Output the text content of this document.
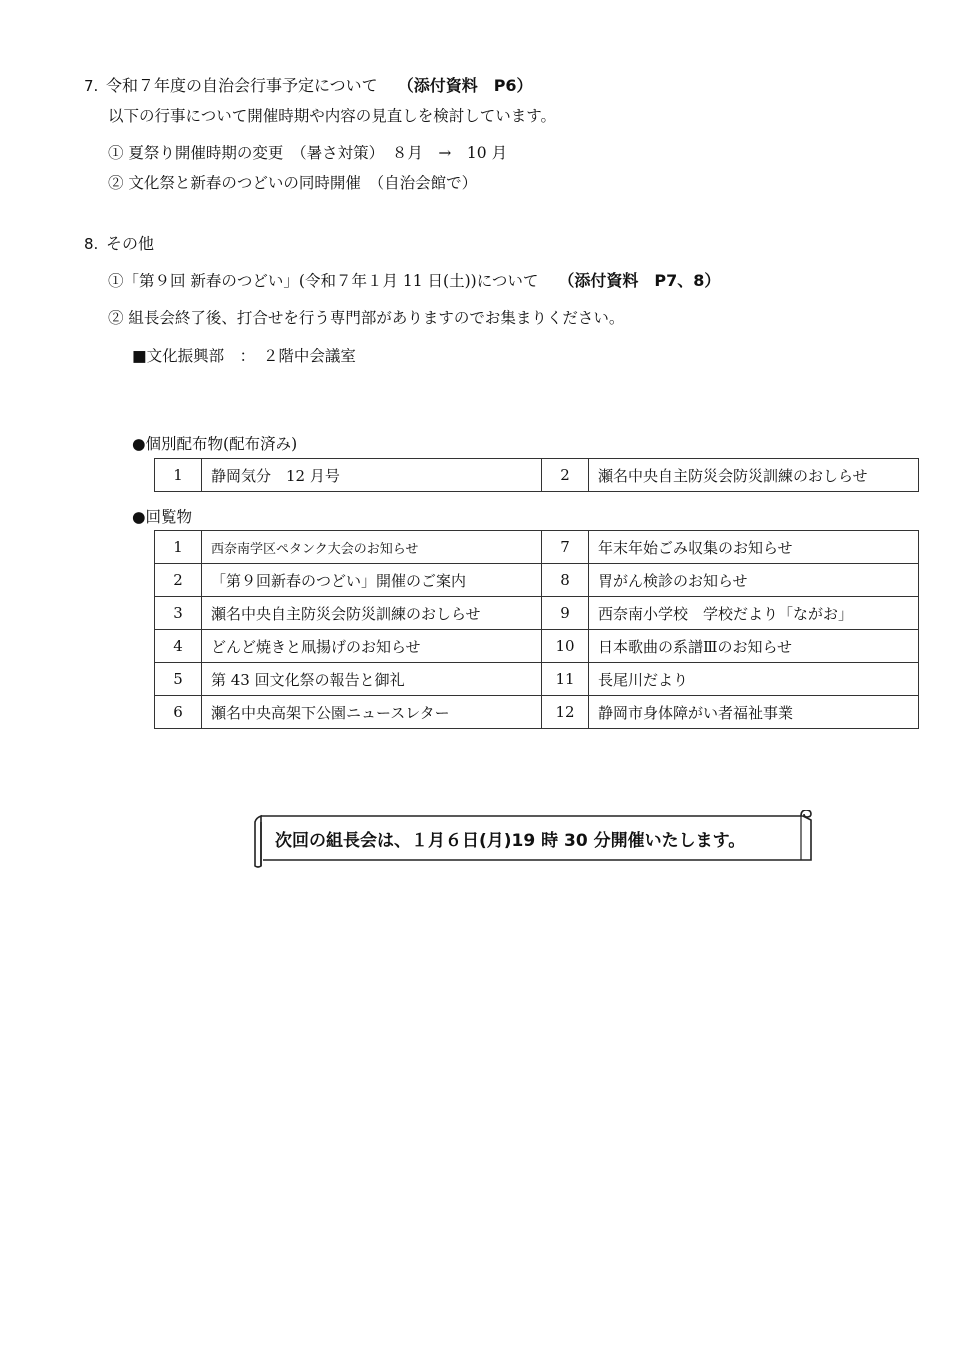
7. 令和７年度の自治会行事予定について （添付資料　P6）
以下の行事について開催時期や内容の見直しを検討しています。
① 夏祭り開催時期の変更　（暑さ対策）　８月　→　10 月
② 文化祭と新春のつどいの同時開催　（自治会館で）
8. その他
①「第９回 新春のつどい」(令和７年１月 11 日(土))について （添付資料　P7、8）
② 組長会終了後、打合せを行う専門部がありますのでお集まりください。
■文化振興部　：　２階中会議室
●個別配布物(配布済み)
1	静岡気分　12 月号	2	瀬名中央自主防災会防災訓練のおしらせ
●回覧物
1	西奈南学区ペタンク大会のお知らせ	7	年末年始ごみ収集のお知らせ
2	「第９回新春のつどい」開催のご案内	8	胃がん検診のお知らせ
3	瀬名中央自主防災会防災訓練のおしらせ	9	西奈南小学校　学校だより「ながお」
4	どんど焼きと凧揚げのお知らせ	10	日本歌曲の系譜Ⅲのお知らせ
5	第 43 回文化祭の報告と御礼	11	長尾川だより
6	瀬名中央高架下公園ニュースレター	12	静岡市身体障がい者福祉事業
次回の組長会は、１月６日(月)19 時 30 分開催いたします。
